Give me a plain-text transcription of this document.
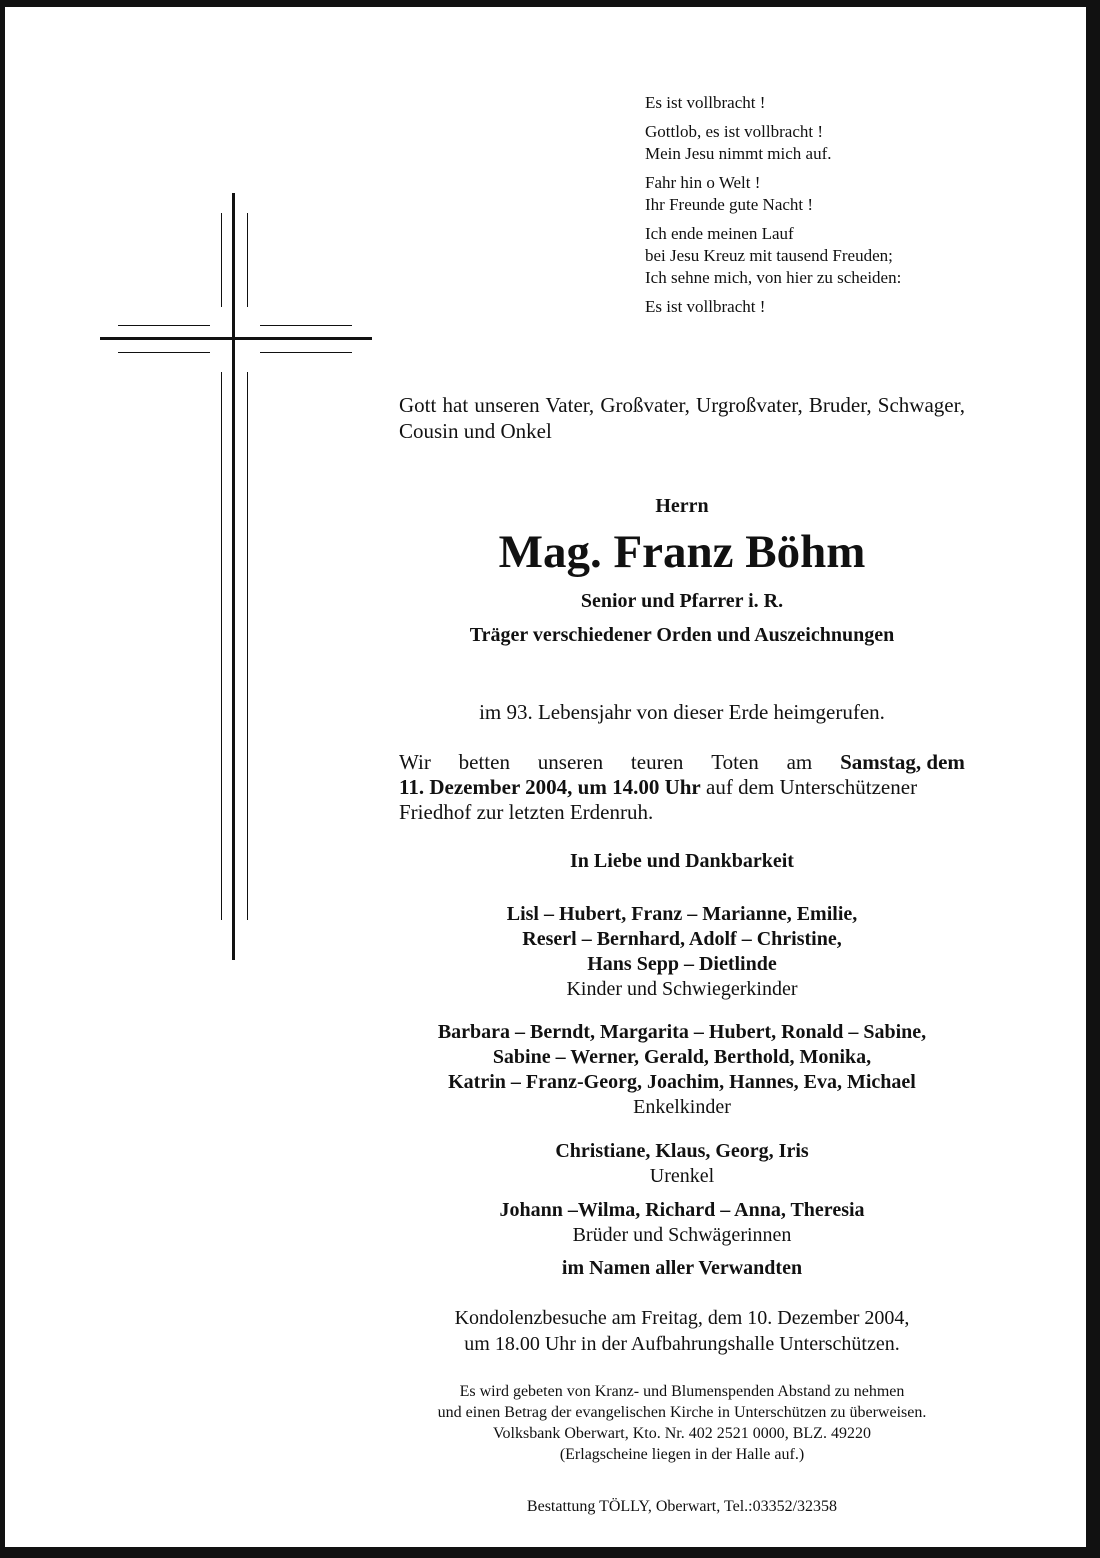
Es ist vollbracht !
Gottlob, es ist vollbracht !
Mein Jesu nimmt mich auf.
Fahr hin o Welt !
Ihr Freunde gute Nacht !
Ich ende meinen Lauf
bei Jesu Kreuz mit tausend Freuden;
Ich sehne mich, von hier zu scheiden:
Es ist vollbracht !
Gott hat unseren Vater, Großvater, Urgroßvater, Bruder, Schwager, Cousin und Onkel
Herrn
Mag. Franz Böhm
Senior und Pfarrer i. R.
Träger verschiedener Orden und Auszeichnungen
im 93. Lebensjahr von dieser Erde heimgerufen.
Wir betten unseren teuren Toten am Samstag, dem
11. Dezember 2004, um 14.00 Uhr auf dem Unterschützener
Friedhof zur letzten Erdenruh.
In Liebe und Dankbarkeit
Lisl – Hubert, Franz – Marianne, Emilie,
Reserl – Bernhard, Adolf – Christine,
Hans Sepp – Dietlinde
Kinder und Schwiegerkinder
Barbara – Berndt, Margarita – Hubert, Ronald – Sabine,
Sabine – Werner, Gerald, Berthold, Monika,
Katrin – Franz-Georg, Joachim, Hannes, Eva, Michael
Enkelkinder
Christiane, Klaus, Georg, Iris
Urenkel
Johann –Wilma, Richard – Anna, Theresia
Brüder und Schwägerinnen
im Namen aller Verwandten
Kondolenzbesuche am Freitag, dem 10. Dezember 2004,
um 18.00 Uhr in der Aufbahrungshalle Unterschützen.
Es wird gebeten von Kranz- und Blumenspenden Abstand zu nehmen
und einen Betrag der evangelischen Kirche in Unterschützen zu überweisen.
Volksbank Oberwart, Kto. Nr. 402 2521 0000, BLZ. 49220
(Erlagscheine liegen in der Halle auf.)
Bestattung TÖLLY, Oberwart, Tel.:03352/32358
